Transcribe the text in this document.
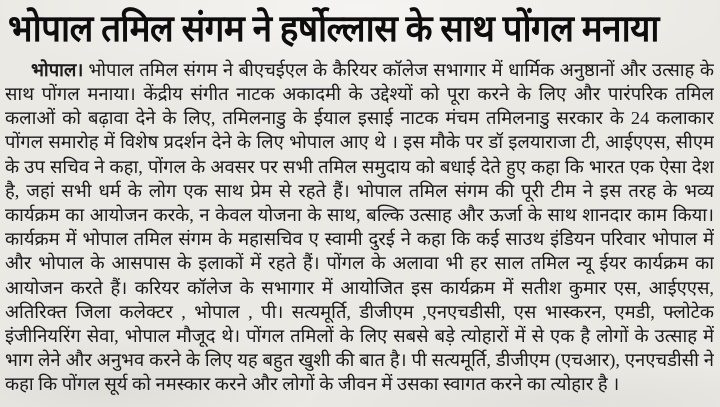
भोपाल तमिल संगम ने हर्षोल्लास के साथ पोंगल मनाया

भोपाल। भोपाल तमिल संगम ने बीएचईएल के कैरियर कॉलेज सभागार में धार्मिक अनुष्ठानों और उत्साह के साथ पोंगल मनाया। केंद्रीय संगीत नाटक अकादमी के उद्देश्यों को पूरा करने के लिए और पारंपरिक तमिल कलाओं को बढ़ावा देने के लिए, तमिलनाडु के ईयाल इसाई नाटक मंचम तमिलनाडु सरकार के 24 कलाकार पोंगल समारोह में विशेष प्रदर्शन देने के लिए भोपाल आए थे । इस मौके पर डॉ इलयाराजा टी, आईएएस, सीएम के उप सचिव ने कहा, पोंगल के अवसर पर सभी तमिल समुदाय को बधाई देते हुए कहा कि भारत एक ऐसा देश है, जहां सभी धर्म के लोग एक साथ प्रेम से रहते हैं। भोपाल तमिल संगम की पूरी टीम ने इस तरह के भव्य कार्यक्रम का आयोजन करके, न केवल योजना के साथ, बल्कि उत्साह और ऊर्जा के साथ शानदार काम किया। कार्यक्रम में भोपाल तमिल संगम के महासचिव ए स्वामी दुरई ने कहा कि कई साउथ इंडियन परिवार भोपाल में और भोपाल के आसपास के इलाकों में रहते हैं। पोंगल के अलावा भी हर साल तमिल न्यू ईयर कार्यक्रम का आयोजन करते हैं। करियर कॉलेज के सभागार में आयोजित इस कार्यक्रम में सतीश कुमार एस, आईएएस, अतिरिक्त जिला कलेक्टर , भोपाल , पी। सत्यमूर्ति, डीजीएम ,एनएचडीसी, एस भास्करन, एमडी, फ्लोटेक इंजीनियरिंग सेवा, भोपाल मौजूद थे। पोंगल तमिलों के लिए सबसे बड़े त्योहारों में से एक है लोगों के उत्साह में भाग लेने और अनुभव करने के लिए यह बहुत खुशी की बात है। पी सत्यमूर्ति, डीजीएम (एचआर), एनएचडीसी ने कहा कि पोंगल सूर्य को नमस्कार करने और लोगों के जीवन में उसका स्वागत करने का त्योहार है ।
